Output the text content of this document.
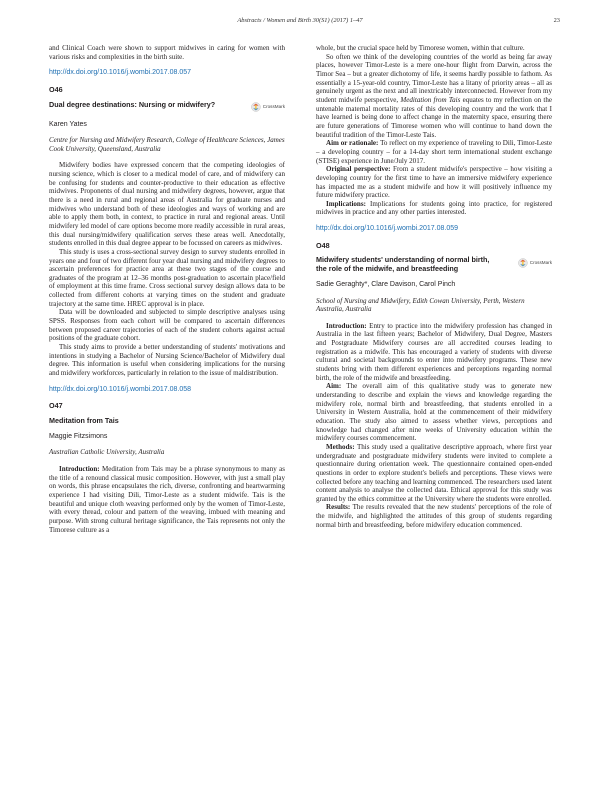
Abstracts / Women and Birth 30(S1) (2017) 1–47	23

and Clinical Coach were shown to support midwives in caring for women with various risks and complexities in the birth suite.

http://dx.doi.org/10.1016/j.wombi.2017.08.057
O46
Dual degree destinations: Nursing or midwifery?	CrossMark
Karen Yates
Centre for Nursing and Midwifery Research, College of Healthcare Sciences, James Cook University, Queensland, Australia

Midwifery bodies have expressed concern that the competing ideologies of nursing science, which is closer to a medical model of care, and of midwifery can be confusing for students and counter-productive to their education as effective midwives. Proponents of dual nursing and midwifery degrees, however, argue that there is a need in rural and regional areas of Australia for graduate nurses and midwives who understand both of these ideologies and ways of working and are able to apply them both, in context, to practice in rural and regional areas. Until midwifery led model of care options become more readily accessible in rural areas, this dual nursing/midwifery qualification serves these areas well. Anecdotally, students enrolled in this dual degree appear to be focussed on careers as midwives.

This study is uses a cross-sectional survey design to survey students enrolled in years one and four of two different four year dual nursing and midwifery degrees to ascertain preferences for practice area at these two stages of the course and graduates of the program at 12–36 months post-graduation to ascertain place/field of employment at this time frame. Cross sectional survey design allows data to be collected from different cohorts at varying times on the student and graduate trajectory at the same time. HREC approval is in place.

Data will be downloaded and subjected to simple descriptive analyses using SPSS. Responses from each cohort will be compared to ascertain differences between proposed career trajectories of each of the student cohorts against actual positions of the graduate cohort.

This study aims to provide a better understanding of students' motivations and intentions in studying a Bachelor of Nursing Science/Bachelor of Midwifery dual degree. This information is useful when considering implications for the nursing and midwifery workforces, particularly in relation to the issue of maldistribution.

http://dx.doi.org/10.1016/j.wombi.2017.08.058
O47
Meditation from Tais
Maggie Fitzsimons
Australian Catholic University, Australia

Introduction: Meditation from Tais may be a phrase synonymous to many as the title of a renound classical music composition. However, with just a small play on words, this phrase encapsulates the rich, diverse, confronting and heartwarming experience I had visiting Dili, Timor-Leste as a student midwife. Tais is the beautiful and unique cloth weaving performed only by the women of Timor-Leste, with every thread, colour and pattern of the weaving, imbued with meaning and purpose. With strong cultural heritage significance, the Tais represents not only the Timorese culture as a

whole, but the crucial space held by Timorese women, within that culture.

So often we think of the developing countries of the world as being far away places, however Timor-Leste is a mere one-hour flight from Darwin, across the Timor Sea – but a greater dichotomy of life, it seems hardly possible to fathom. As essentially a 15-year-old country, Timor-Leste has a litany of priority areas – all as genuinely urgent as the next and all inextricably interconnected. However from my student midwife perspective, Meditation from Tais equates to my reflection on the untenable maternal mortality rates of this developing country and the work that I have learned is being done to affect change in the maternity space, ensuring there are future generations of Timorese women who will continue to hand down the beautiful tradition of the Timor-Leste Tais.

Aim or rationale: To reflect on my experience of traveling to Dili, Timor-Leste – a developing country – for a 14-day short term international student exchange (STISE) experience in June/July 2017.

Original perspective: From a student midwife's perspective – how visiting a developing country for the first time to have an immersive midwifery experience has impacted me as a student midwife and how it will positively influence my future midwifery practice.

Implications: Implications for students going into practice, for registered midwives in practice and any other parties interested.

http://dx.doi.org/10.1016/j.wombi.2017.08.059
O48
Midwifery students' understanding of normal birth, the role of the midwife, and breastfeeding
CrossMark
Sadie Geraghty*, Clare Davison, Carol Pinch
School of Nursing and Midwifery, Edith Cowan University, Perth, Western Australia, Australia

Introduction: Entry to practice into the midwifery profession has changed in Australia in the last fifteen years; Bachelor of Midwifery, Dual Degree, Masters and Postgraduate Midwifery courses are all accredited courses leading to registration as a midwife. This has encouraged a variety of students with diverse cultural and societal backgrounds to enter into midwifery programs. These new students bring with them different experiences and perceptions regarding normal birth, the role of the midwife and breastfeeding.

Aim: The overall aim of this qualitative study was to generate new understanding to describe and explain the views and knowledge regarding the midwifery role, normal birth and breastfeeding, that students enrolled in a University in Western Australia, hold at the commencement of their midwifery education. The study also aimed to assess whether views, perceptions and knowledge had changed after nine weeks of University education within the midwifery courses commencement.

Methods: This study used a qualitative descriptive approach, where first year undergraduate and postgraduate midwifery students were invited to complete a questionnaire during orientation week. The questionnaire contained open-ended questions in order to explore student's beliefs and perceptions. These views were collected before any teaching and learning commenced. The researchers used latent content analysis to analyse the collected data. Ethical approval for this study was granted by the ethics committee at the University where the students were enrolled.

Results: The results revealed that the new students' perceptions of the role of the midwife, and highlighted the attitudes of this group of students regarding normal birth and breastfeeding, before midwifery education commenced.
